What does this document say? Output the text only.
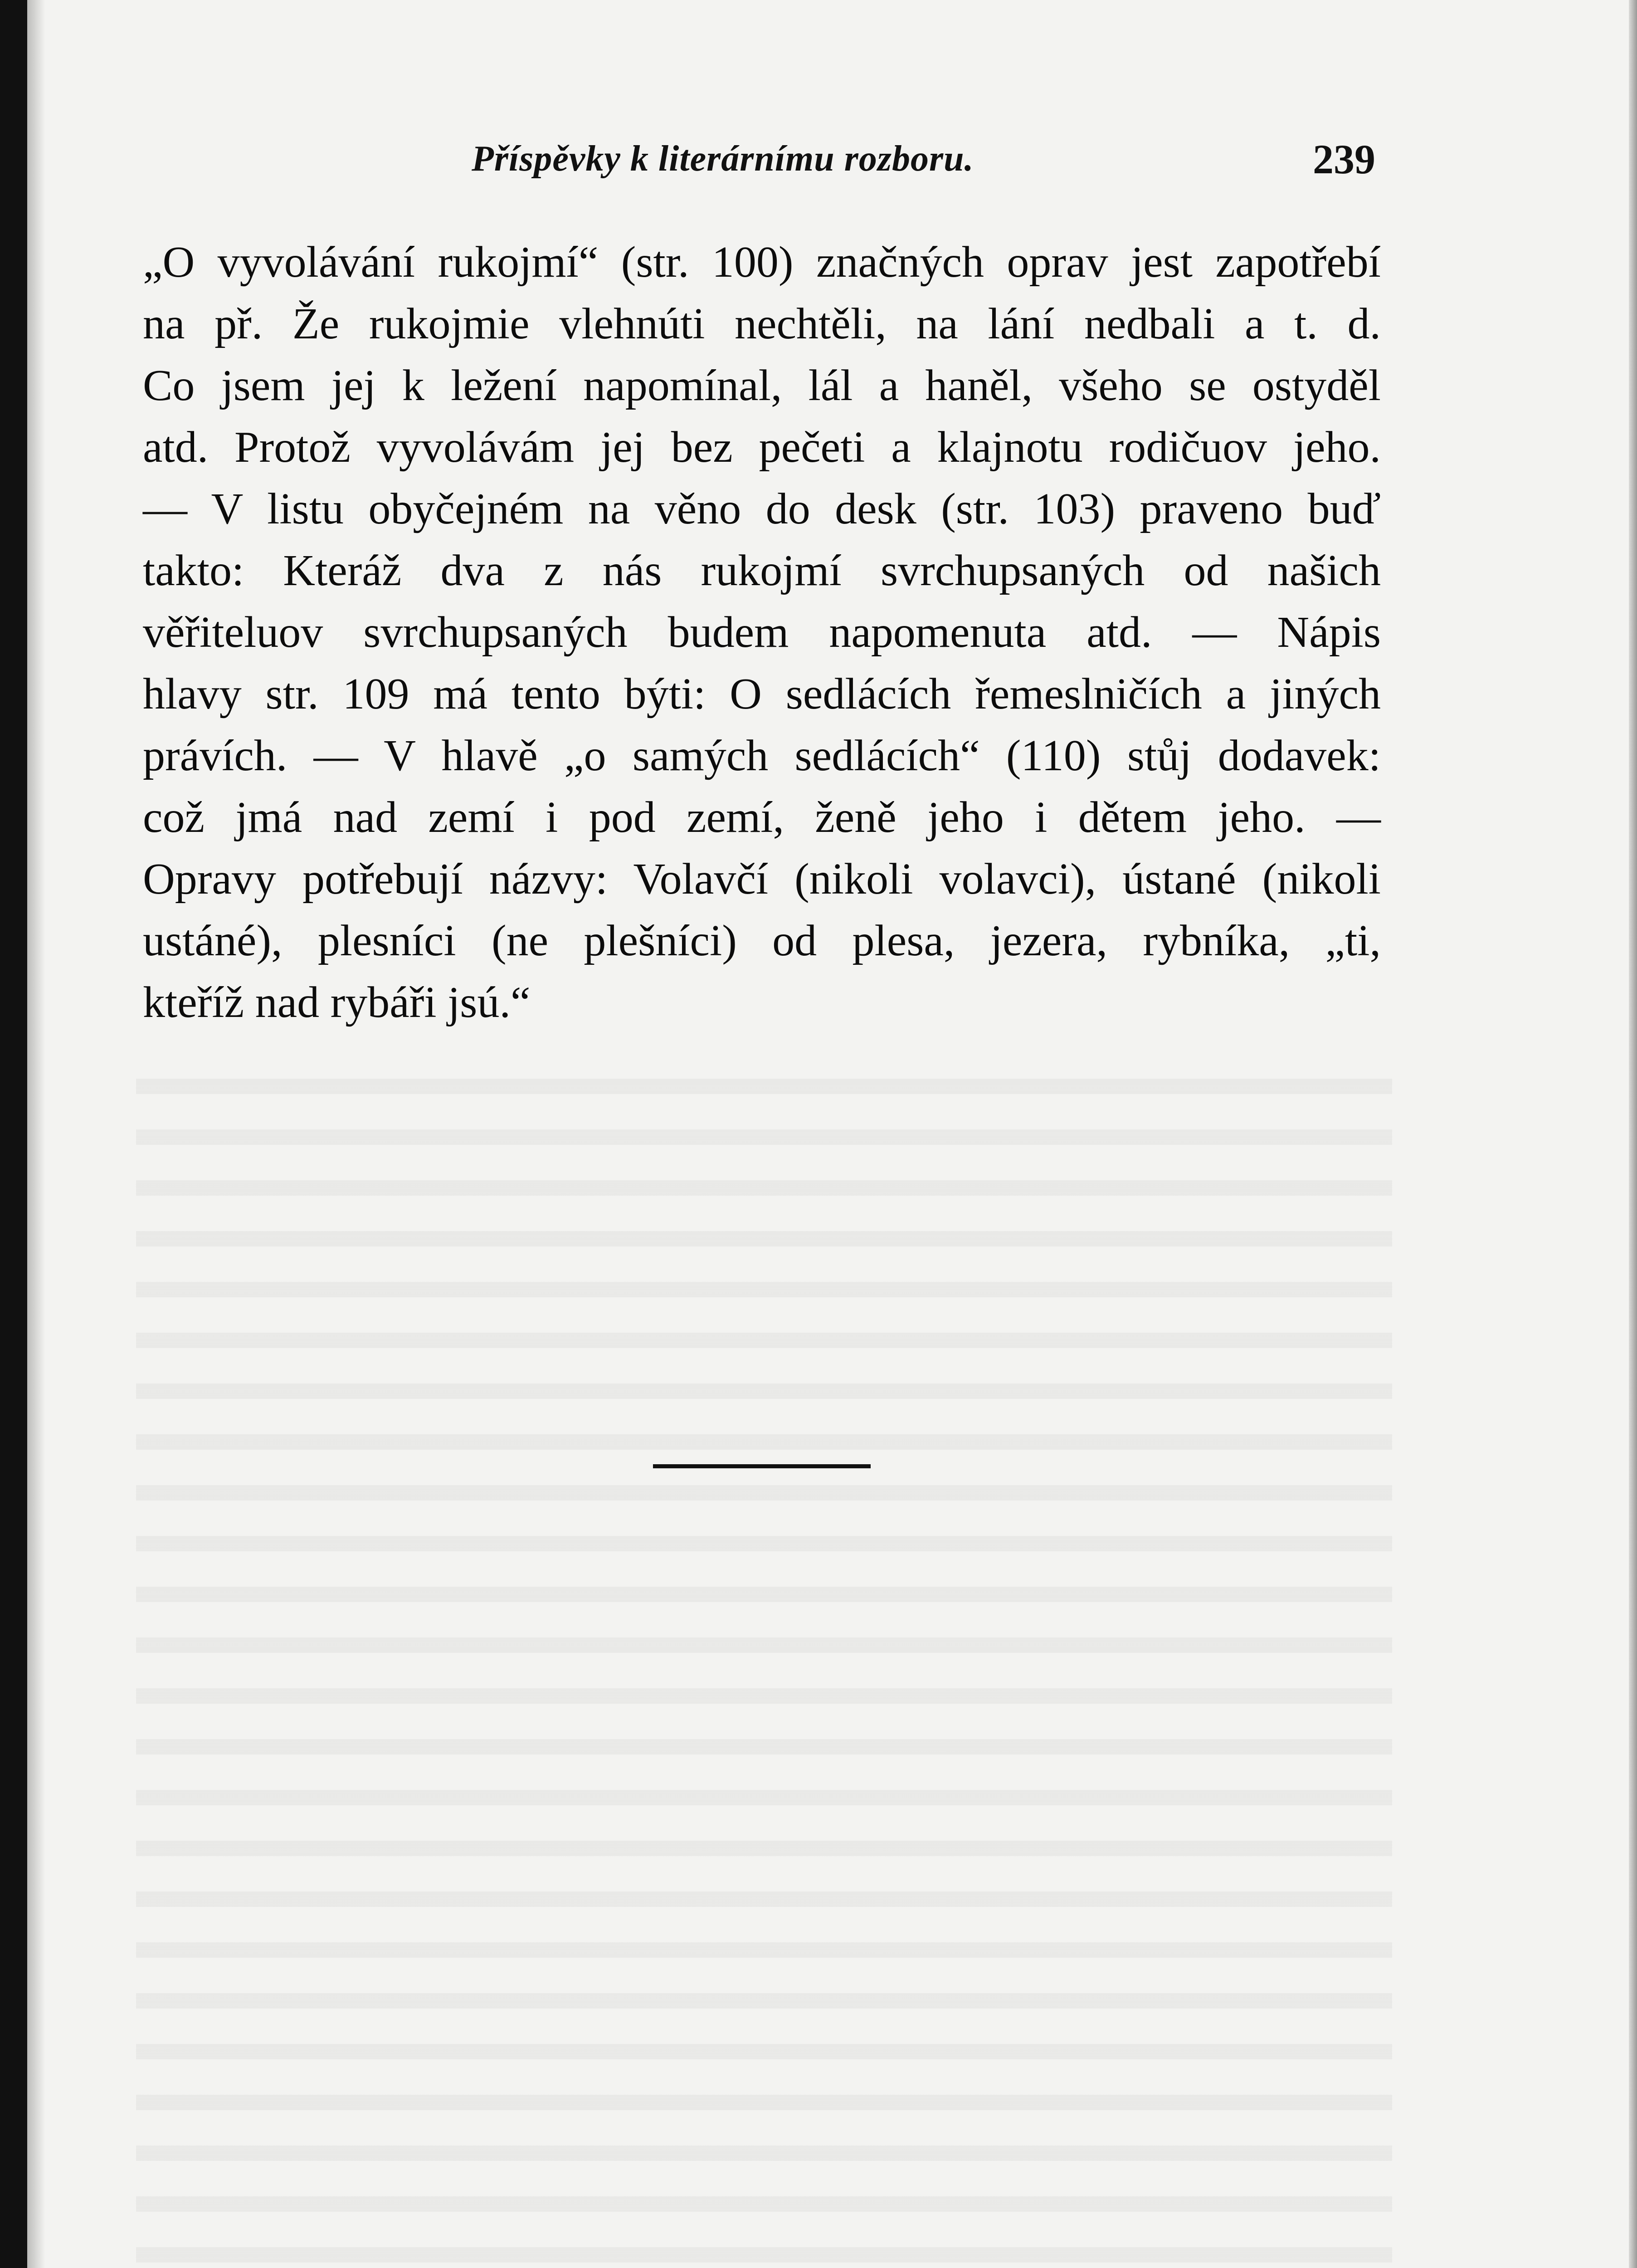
Příspěvky k literárnímu rozboru.	239
„O vyvolávání rukojmí“ (str. 100) značných oprav jest zapotřebí
na př. Že rukojmie vlehnúti nechtěli, na lání nedbali a t. d.
Co jsem jej k ležení napomínal, lál a haněl, všeho se ostyděl
atd. Protož vyvolávám jej bez pečeti a klajnotu rodičuov jeho.
— V listu obyčejném na věno do desk (str. 103) praveno buď
takto: Kteráž dva z nás rukojmí svrchupsaných od našich
věřiteluov svrchupsaných budem napomenuta atd. — Nápis
hlavy str. 109 má tento býti: O sedlácích řemeslničích a jiných
právích. — V hlavě „o samých sedlácích“ (110) stůj dodavek:
což jmá nad zemí i pod zemí, ženě jeho i dětem jeho. —
Opravy potřebují názvy: Volavčí (nikoli volavci), ústané (nikoli
ustáné), plesníci (ne plešníci) od plesa, jezera, rybníka, „ti,
kteříž nad rybáři jsú.“
